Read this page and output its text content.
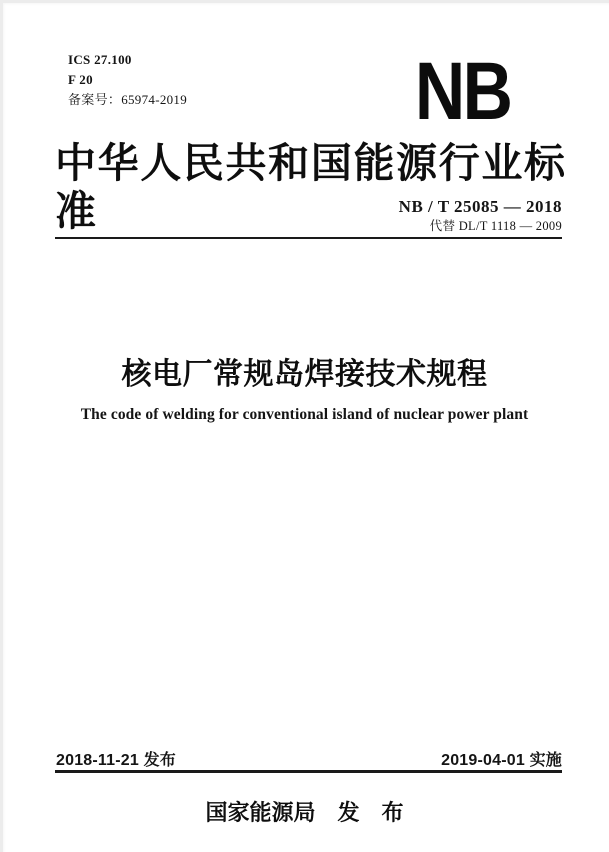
ICS 27.100
F 20
备案号：65974-2019	NB
中华人民共和国能源行业标准	NB / T 25085 — 2018
代替 DL/T 1118 — 2009
核电厂常规岛焊接技术规程
The code of welding for conventional island of nuclear power plant
2018-11-21 发布	2019-04-01 实施
国家能源局 发　布
